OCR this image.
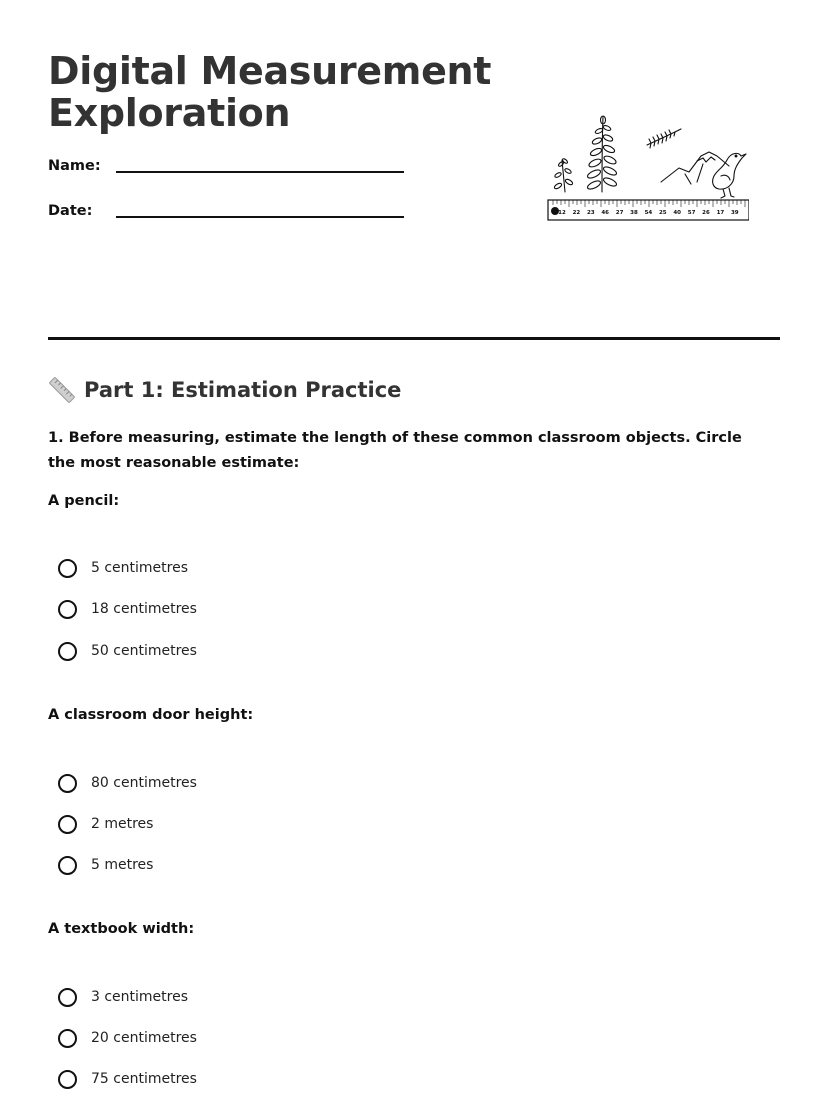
Digital Measurement
Exploration
Name:
Date:	12 22 23 46 27 38 54 25 40 57 26 17 39
Part 1: Estimation Practice
1. Before measuring, estimate the length of these common classroom objects. Circle the most reasonable estimate:
A pencil:
5 centimetres
18 centimetres
50 centimetres
A classroom door height:
80 centimetres
2 metres
5 metres
A textbook width:
3 centimetres
20 centimetres
75 centimetres
